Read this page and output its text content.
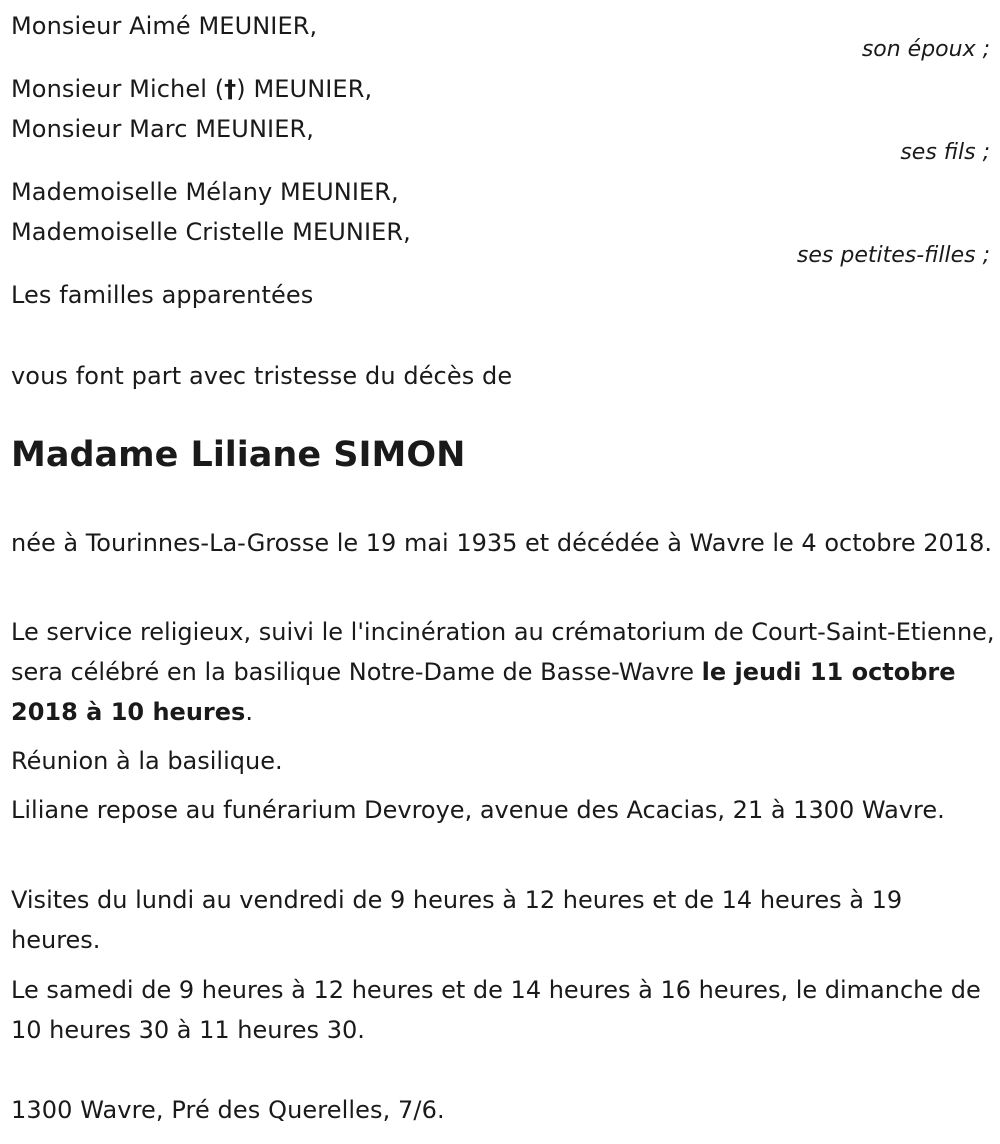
Monsieur Aimé MEUNIER,
son époux ;
Monsieur Michel (†) MEUNIER,
Monsieur Marc MEUNIER,
ses fils ;
Mademoiselle Mélany MEUNIER,
Mademoiselle Cristelle MEUNIER,
ses petites-filles ;
Les familles apparentées
vous font part avec tristesse du décès de
Madame Liliane SIMON

née à Tourinnes-La-Grosse le 19 mai 1935 et décédée à Wavre le 4 octobre 2018.

Le service religieux, suivi le l'incinération au crématorium de Court-Saint-Etienne, sera célébré en la basilique Notre-Dame de Basse-Wavre le jeudi 11 octobre 2018 à 10 heures.

Réunion à la basilique.

Liliane repose au funérarium Devroye, avenue des Acacias, 21 à 1300 Wavre.

Visites du lundi au vendredi de 9 heures à 12 heures et de 14 heures à 19 heures.

Le samedi de 9 heures à 12 heures et de 14 heures à 16 heures, le dimanche de 10 heures 30 à 11 heures 30.

1300 Wavre, Pré des Querelles, 7/6.
